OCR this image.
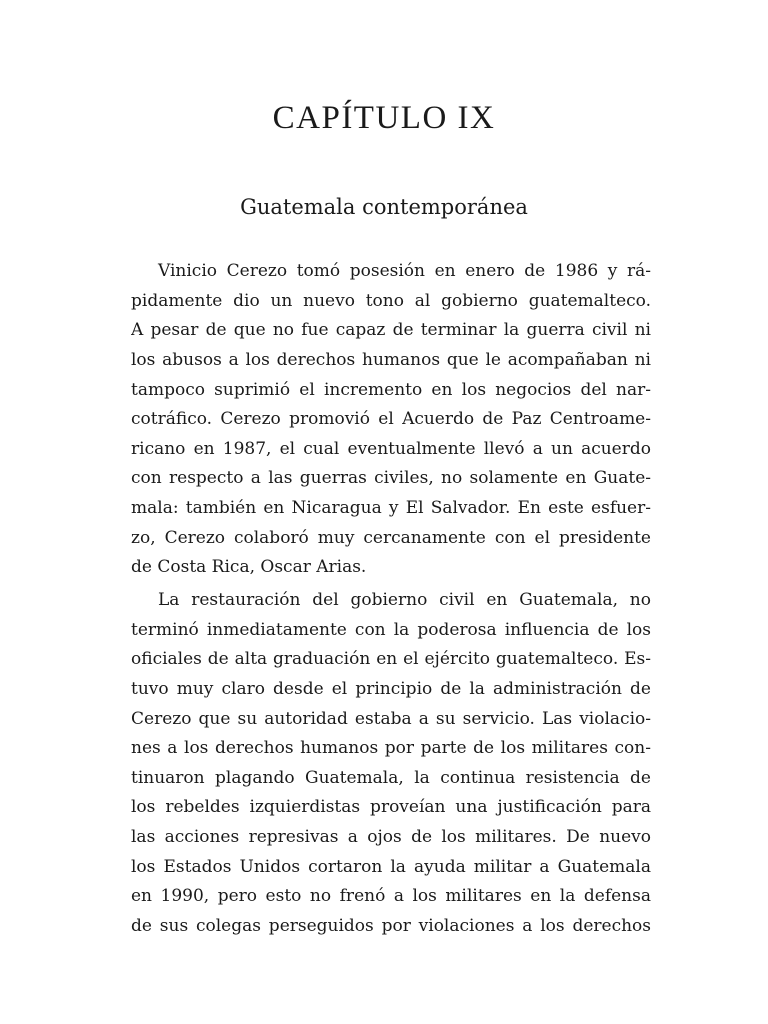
CAPÍTULO IX
Guatemala contemporánea
Vinicio Cerezo tomó posesión en enero de 1986 y rá-
pidamente dio un nuevo tono al gobierno guatemalteco.
A pesar de que no fue capaz de terminar la guerra civil ni
los abusos a los derechos humanos que le acompañaban ni
tampoco suprimió el incremento en los negocios del nar-
cotráfico. Cerezo promovió el Acuerdo de Paz Centroame-
ricano en 1987, el cual eventualmente llevó a un acuerdo
con respecto a las guerras civiles, no solamente en Guate-
mala: también en Nicaragua y El Salvador. En este esfuer-
zo, Cerezo colaboró muy cercanamente con el presidente
de Costa Rica, Oscar Arias.
La restauración del gobierno civil en Guatemala, no
terminó inmediatamente con la poderosa influencia de los
oficiales de alta graduación en el ejército guatemalteco. Es-
tuvo muy claro desde el principio de la administración de
Cerezo que su autoridad estaba a su servicio. Las violacio-
nes a los derechos humanos por parte de los militares con-
tinuaron plagando Guatemala, la continua resistencia de
los rebeldes izquierdistas proveían una justificación para
las acciones represivas a ojos de los militares. De nuevo
los Estados Unidos cortaron la ayuda militar a Guatemala
en 1990, pero esto no frenó a los militares en la defensa
de sus colegas perseguidos por violaciones a los derechos
